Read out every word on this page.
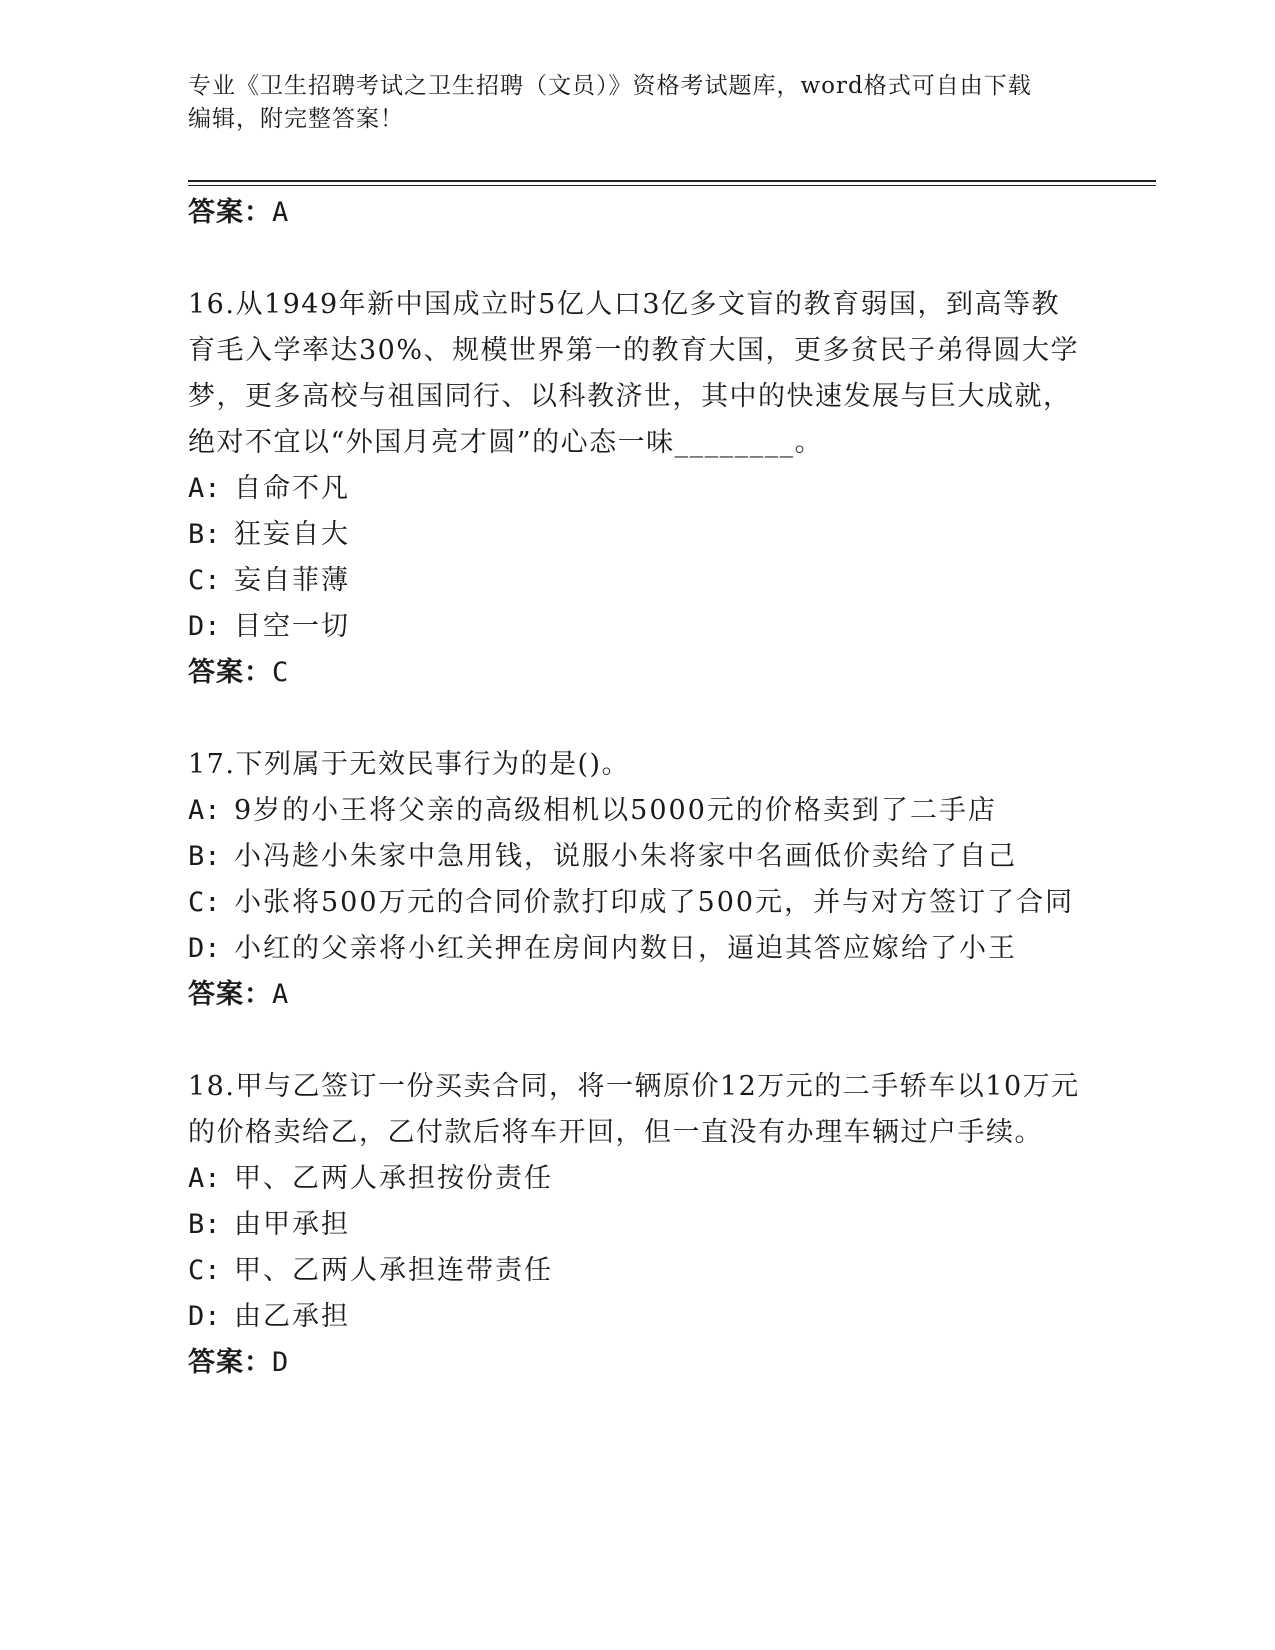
专业《卫生招聘考试之卫生招聘（文员）》资格考试题库，word格式可自由下载
编辑，附完整答案！
答案：A

16.从1949年新中国成立时5亿人口3亿多文盲的教育弱国，到高等教育毛入学率达30%、规模世界第一的教育大国，更多贫民子弟得圆大学梦，更多高校与祖国同行、以科教济世，其中的快速发展与巨大成就，绝对不宜以“外国月亮才圆”的心态一味________。

A: 自命不凡
B: 狂妄自大
C: 妄自菲薄
D: 目空一切
答案：C

17.下列属于无效民事行为的是()。

A: 9岁的小王将父亲的高级相机以5000元的价格卖到了二手店
B: 小冯趁小朱家中急用钱，说服小朱将家中名画低价卖给了自己
C: 小张将500万元的合同价款打印成了500元，并与对方签订了合同
D: 小红的父亲将小红关押在房间内数日，逼迫其答应嫁给了小王
答案：A

18.甲与乙签订一份买卖合同，将一辆原价12万元的二手轿车以10万元的价格卖给乙，乙付款后将车开回，但一直没有办理车辆过户手续。

A: 甲、乙两人承担按份责任
B: 由甲承担
C: 甲、乙两人承担连带责任
D: 由乙承担
答案：D
